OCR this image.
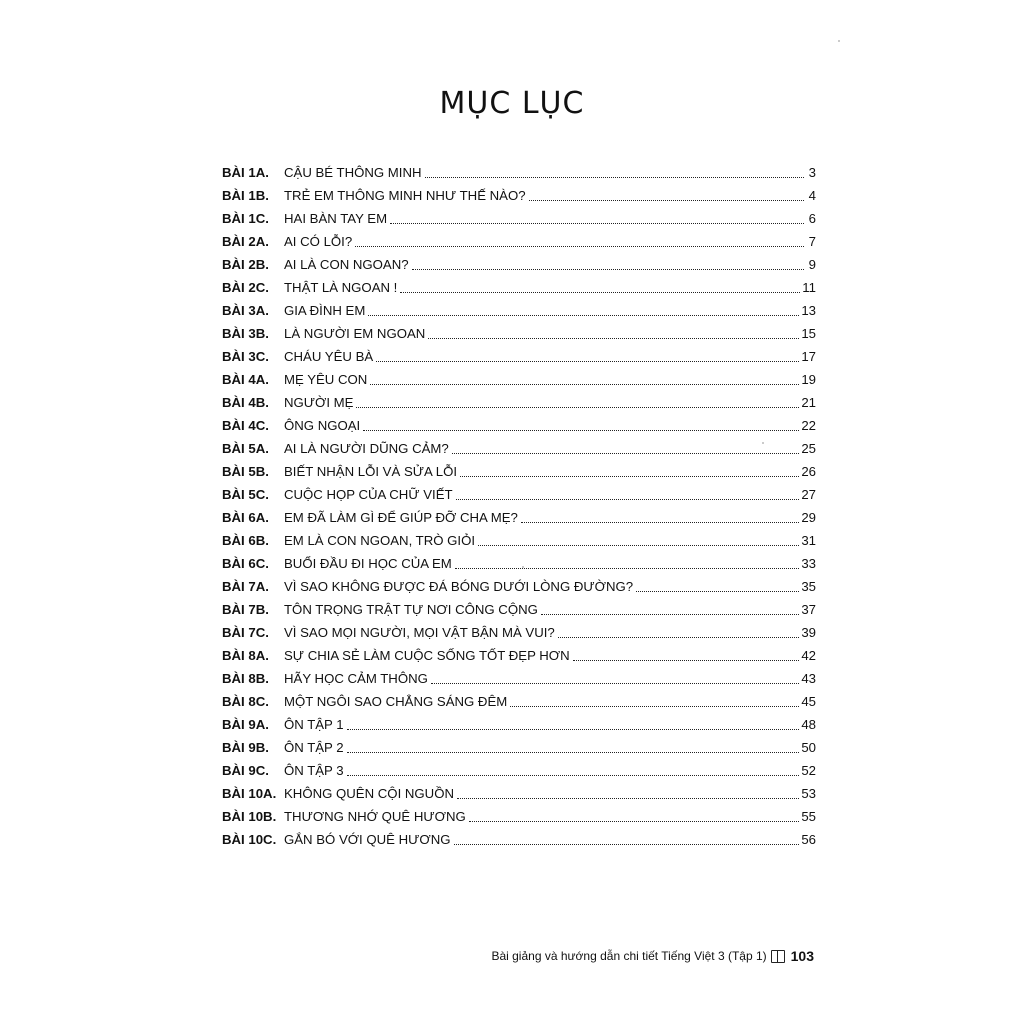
MỤC LỤC
BÀI 1A.	CẬU BÉ THÔNG MINH	3
BÀI 1B.	TRẺ EM THÔNG MINH NHƯ THẾ NÀO?	4
BÀI 1C.	HAI BÀN TAY EM	6
BÀI 2A.	AI CÓ LỖI?	7
BÀI 2B.	AI LÀ CON NGOAN?	9
BÀI 2C.	THẬT LÀ NGOAN !	11
BÀI 3A.	GIA ĐÌNH EM	13
BÀI 3B.	LÀ NGƯỜI EM NGOAN	15
BÀI 3C.	CHÁU YÊU BÀ	17
BÀI 4A.	MẸ YÊU CON	19
BÀI 4B.	NGƯỜI MẸ	21
BÀI 4C.	ÔNG NGOẠI	22
BÀI 5A.	AI LÀ NGƯỜI DŨNG CẢM?	25
BÀI 5B.	BIẾT NHẬN LỖI VÀ SỬA LỖI	26
BÀI 5C.	CUỘC HỌP CỦA CHỮ VIẾT	27
BÀI 6A.	EM ĐÃ LÀM GÌ ĐỂ GIÚP ĐỠ CHA MẸ?	29
BÀI 6B.	EM LÀ CON NGOAN, TRÒ GIỎI	31
BÀI 6C.	BUỔI ĐẦU ĐI HỌC CỦA EM	33
BÀI 7A.	VÌ SAO KHÔNG ĐƯỢC ĐÁ BÓNG DƯỚI LÒNG ĐƯỜNG?	35
BÀI 7B.	TÔN TRỌNG TRẬT TỰ NƠI CÔNG CỘNG	37
BÀI 7C.	VÌ SAO MỌI NGƯỜI, MỌI VẬT BẬN MÀ VUI?	39
BÀI 8A.	SỰ CHIA SẺ LÀM CUỘC SỐNG TỐT ĐẸP HƠN	42
BÀI 8B.	HÃY HỌC CẢM THÔNG	43
BÀI 8C.	MỘT NGÔI SAO CHẲNG SÁNG ĐÊM	45
BÀI 9A.	ÔN TẬP 1	48
BÀI 9B.	ÔN TẬP 2	50
BÀI 9C.	ÔN TẬP 3	52
BÀI 10A. KHÔNG QUÊN CỘI NGUỒN	53
BÀI 10B. THƯƠNG NHỚ QUÊ HƯƠNG	55
BÀI 10C. GẮN BÓ VỚI QUÊ HƯƠNG	56
Bài giảng và hướng dẫn chi tiết Tiếng Việt 3 (Tập 1) 103
